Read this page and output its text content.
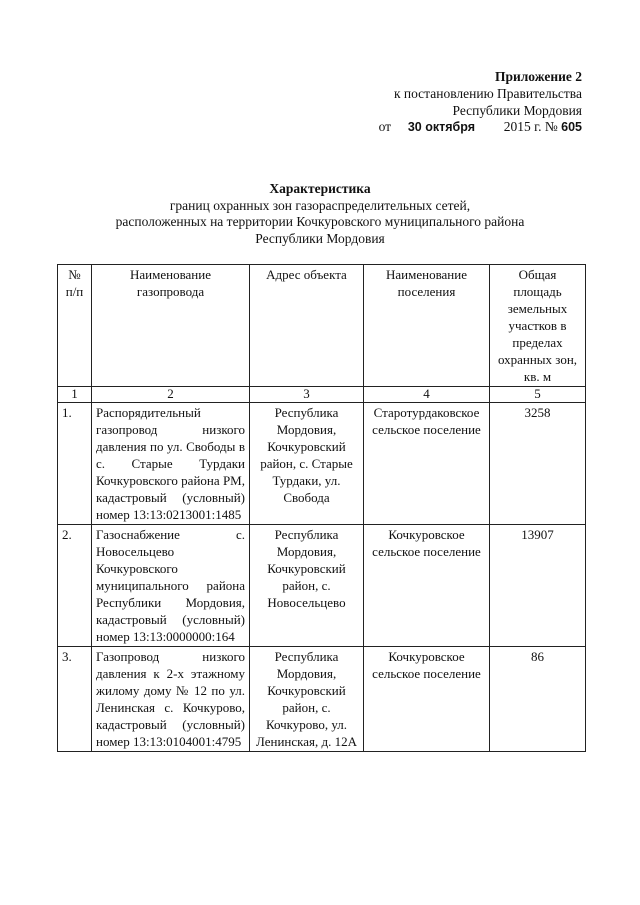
Приложение 2
к постановлению Правительства
Республики Мордовия
от 30 октября 2015 г. № 605
Характеристика
границ охранных зон газораспределительных сетей,
расположенных на территории Кочкуровского муниципального района
Республики Мордовия
№ п/п	Наименование газопровода	Адрес объекта	Наименование поселения	Общая площадь земельных участков в пределах охранных зон, кв. м
1	2	3	4	5
1.	Распорядительный газопровод низкого давления по ул. Свободы в с. Старые Турдаки Кочкуровского района РМ, кадастровый (условный) номер 13:13:0213001:1485	Республика Мордовия, Кочкуровский район, с. Старые Турдаки, ул. Свобода	Старотурдаковское сельское поселение	3258
2.	Газоснабжение с. Новосельцево Кочкуровского муниципального района Республики Мордовия, кадастровый (условный) номер 13:13:0000000:164	Республика Мордовия, Кочкуровский район, с. Новосельцево	Кочкуровское сельское поселение	13907
3.	Газопровод низкого давления к 2-х этажному жилому дому № 12 по ул. Ленинская с. Кочкурово, кадастровый (условный) номер 13:13:0104001:4795	Республика Мордовия, Кочкуровский район, с. Кочкурово, ул. Ленинская, д. 12А	Кочкуровское сельское поселение	86
